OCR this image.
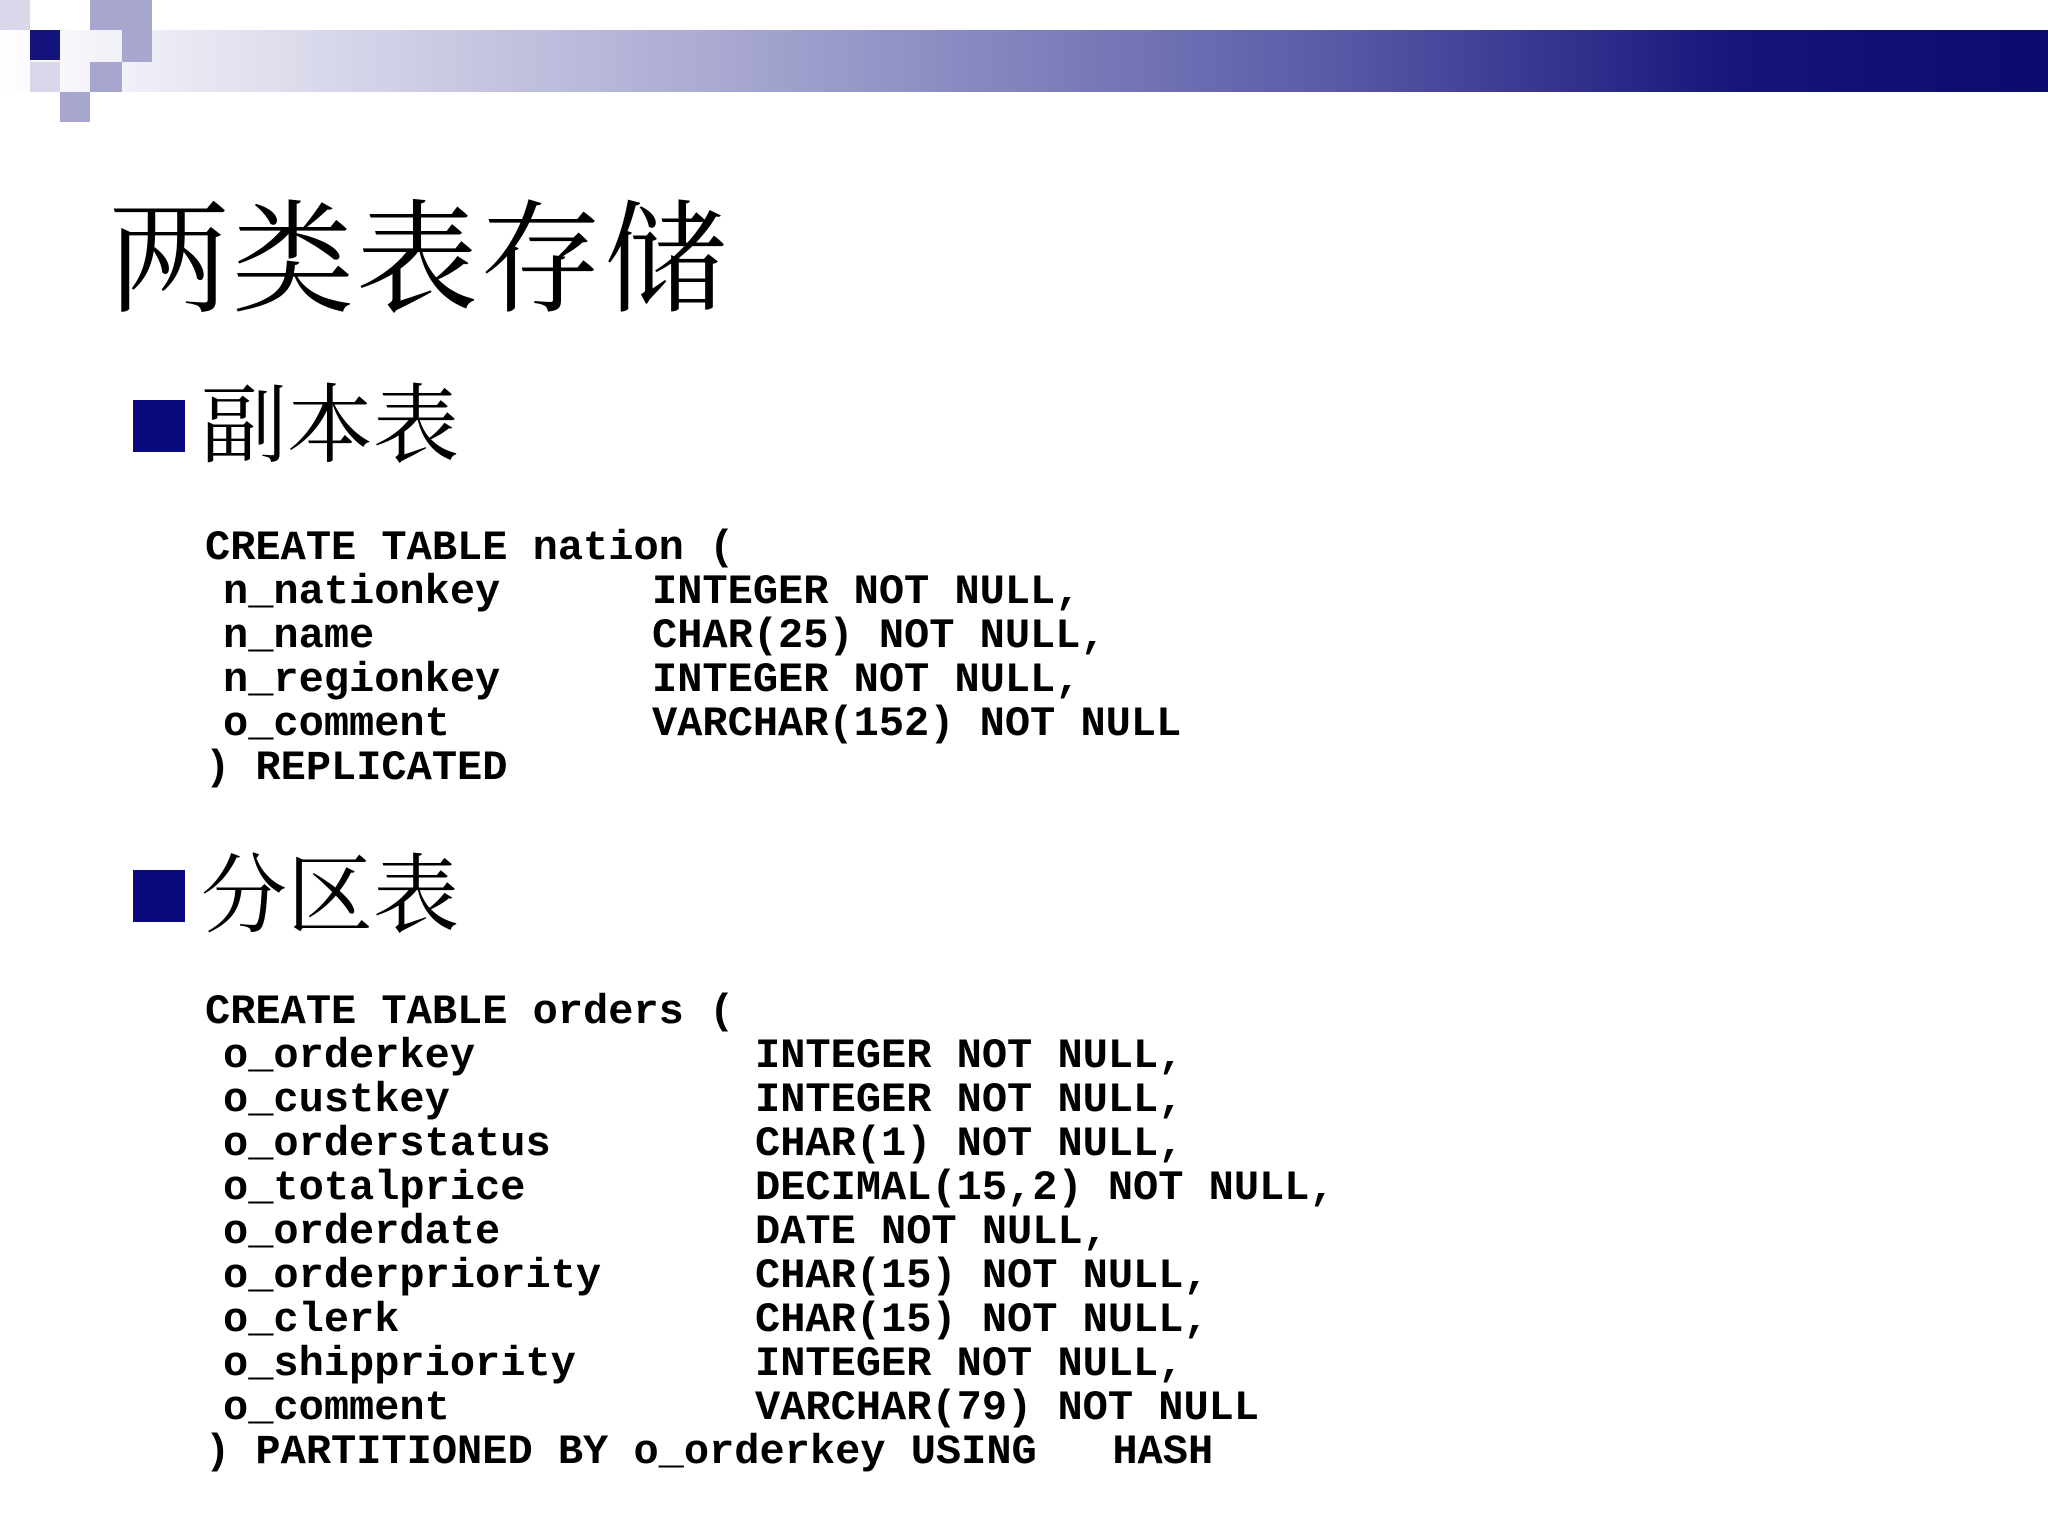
两类表存储
副本表
CREATE TABLE nation (
n_nationkey	INTEGER NOT NULL,
n_name	CHAR(25) NOT NULL,
n_regionkey	INTEGER NOT NULL,
o_comment	VARCHAR(152) NOT NULL
) REPLICATED
分区表
CREATE TABLE orders (
o_orderkey	INTEGER NOT NULL,
o_custkey	INTEGER NOT NULL,
o_orderstatus	CHAR(1) NOT NULL,
o_totalprice	DECIMAL(15,2) NOT NULL,
o_orderdate	DATE NOT NULL,
o_orderpriority	CHAR(15) NOT NULL,
o_clerk	CHAR(15) NOT NULL,
o_shippriority	INTEGER NOT NULL,
o_comment	VARCHAR(79) NOT NULL
) PARTITIONED BY o_orderkey USING   HASH
